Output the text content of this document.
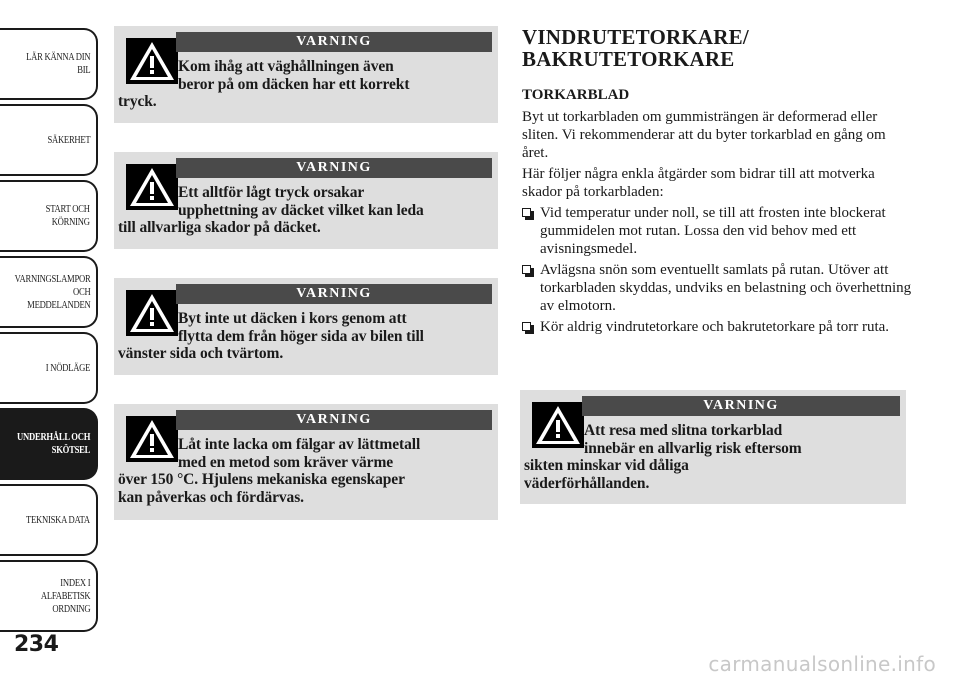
LÄR KÄNNA DIN
BIL
SÄKERHET
START OCH
KÖRNING
VARNINGSLAMPOR
OCH
MEDDELANDEN
I NÖDLÄGE
UNDERHÅLL OCH
SKÖTSEL
TEKNISKA DATA
INDEX I
ALFABETISK
ORDNING
234
VARNING
Kom ihåg att väghållningen även
beror på om däcken har ett korrekt
tryck.
VARNING
Ett alltför lågt tryck orsakar
upphettning av däcket vilket kan leda
till allvarliga skador på däcket.
VARNING
Byt inte ut däcken i kors genom att
flytta dem från höger sida av bilen till
vänster sida och tvärtom.
VARNING
Låt inte lacka om fälgar av lättmetall
med en metod som kräver värme
över 150 °C. Hjulens mekaniska egenskaper
kan påverkas och fördärvas.
VINDRUTETORKARE/
BAKRUTETORKARE
TORKARBLAD

Byt ut torkarbladen om gummisträngen är deformerad eller sliten. Vi rekommenderar att du byter torkarblad en gång om året.

Här följer några enkla åtgärder som bidrar till att motverka skador på torkarbladen:

Vid temperatur under noll, se till att frosten inte blockerat gummidelen mot rutan. Lossa den vid behov med ett avisningsmedel.
Avlägsna snön som eventuellt samlats på rutan. Utöver att torkarbladen skyddas, undviks en belastning och överhettning av elmotorn.
Kör aldrig vindrutetorkare och bakrutetorkare på torr ruta.
VARNING
Att resa med slitna torkarblad
innebär en allvarlig risk eftersom
sikten minskar vid dåliga
väderförhållanden.
carmanualsonline.info
